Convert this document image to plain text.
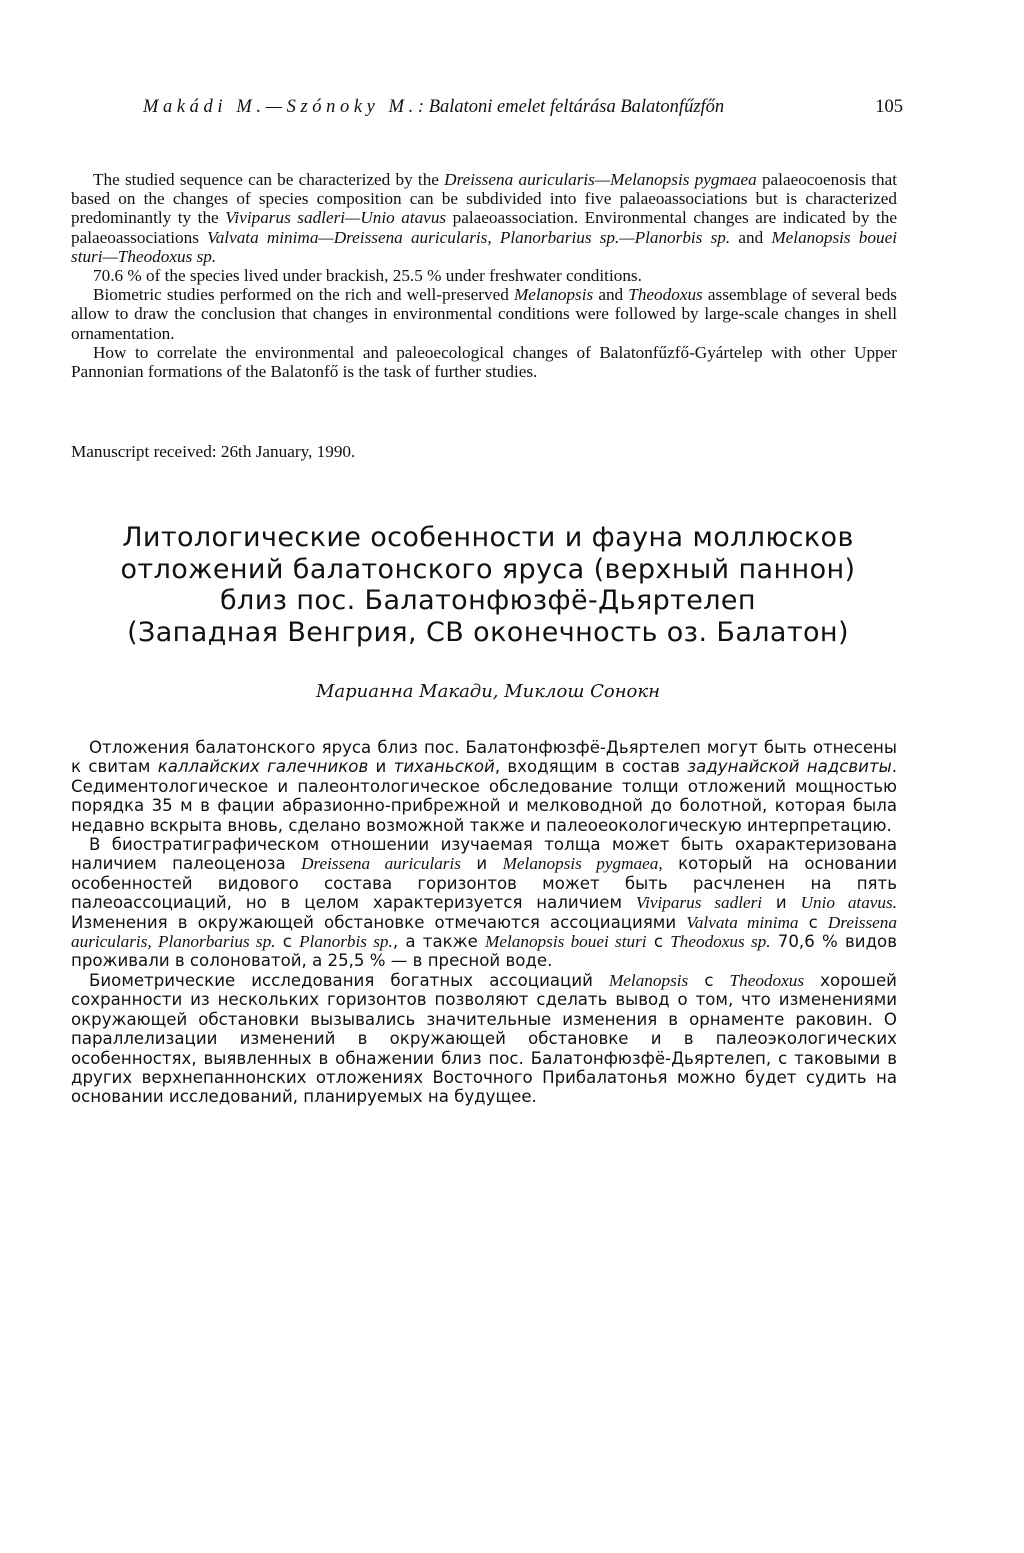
Makádi M.—Szónoky M.: Balatoni emelet feltárása Balatonfűzfőn	105

The studied sequence can be characterized by the Dreissena auricularis—Melanopsis pygmaea palaeocoenosis that based on the changes of species composition can be subdivided into five palaeoassociations but is characterized predominantly ty the Viviparus sadleri—Unio atavus palaeoassociation. Environmental changes are indicated by the palaeoassociations Valvata minima—Dreissena auricularis, Planorbarius sp.—Planorbis sp. and Melanopsis bouei sturi—Theodoxus sp.

70.6 % of the species lived under brackish, 25.5 % under freshwater conditions.

Biometric studies performed on the rich and well-preserved Melanopsis and Theodoxus assemblage of several beds allow to draw the conclusion that changes in environmental conditions were followed by large-scale changes in shell ornamentation.

How to correlate the environmental and paleoecological changes of Balatonfűzfő-Gyártelep with other Upper Pannonian formations of the Balatonfő is the task of further studies.

Manuscript received: 26th January, 1990.
Литологические особенности и фауна моллюсков
отложений балатонского яруса (верхный паннон)
близ пос. Балатонфюзфё-Дьяртелеп
(Западная Венгрия, СВ оконечность оз. Балатон)
Марианна Макади, Миклош Сонокн

Отложения балатонского яруса близ пос. Балатонфюзфё-Дьяртелеп могут быть отнесены к свитам каллайских галечников и тиханьской, входящим в состав задунайской надсвиты. Седиментологическое и палеонтологическое обследование толщи отложений мощностью порядка 35 м в фации абразионно-прибрежной и мелководной до болотной, которая была недавно вскрыта вновь, сделано возможной также и палеоеокологическую интерпретацию.

В биостратиграфическом отношении изучаемая толща может быть охарактеризована наличием палеоценоза Dreissena auricularis и Melanopsis pygmaea, который на основании особенностей видового состава горизонтов может быть расчленен на пять палеоассоциаций, но в целом характеризуется наличием Viviparus sadleri и Unio atavus. Изменения в окружающей обстановке отмечаются ассоциациями Valvata minima с Dreissena auricularis, Planorbarius sp. с Planorbis sp., а также Melanopsis bouei sturi с Theodoxus sp. 70,6 % видов проживали в солоноватой, а 25,5 % — в пресной воде.

Биометрические исследования богатных ассоциаций Melanopsis с Theodoxus хорошей сохранности из нескольких горизонтов позволяют сделать вывод о том, что изменениями окружающей обстановки вызывались значительные изменения в орнаменте раковин. О параллелизации изменений в окружающей обстановке и в палеоэкологических особенностях, выявленных в обнажении близ пос. Балатонфюзфё-Дьяртелеп, с таковыми в других верхнепаннонских отложениях Восточного Прибалатонья можно будет судить на основании исследований, планируемых на будущее.
